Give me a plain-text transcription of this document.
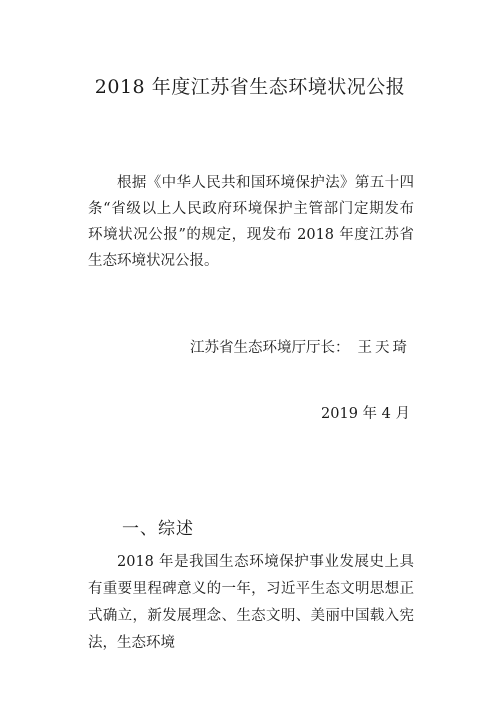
2018 年度江苏省生态环境状况公报
根据《中华人民共和国环境保护法》第五十四条“省级以上人民政府环境保护主管部门定期发布环境状况公报”的规定，现发布 2018 年度江苏省生态环境状况公报。
江苏省生态环境厅厅长： 王天琦
2019 年 4 月
一、综述
2018 年是我国生态环境保护事业发展史上具有重要里程碑意义的一年，习近平生态文明思想正式确立，新发展理念、生态文明、美丽中国载入宪法，生态环境
